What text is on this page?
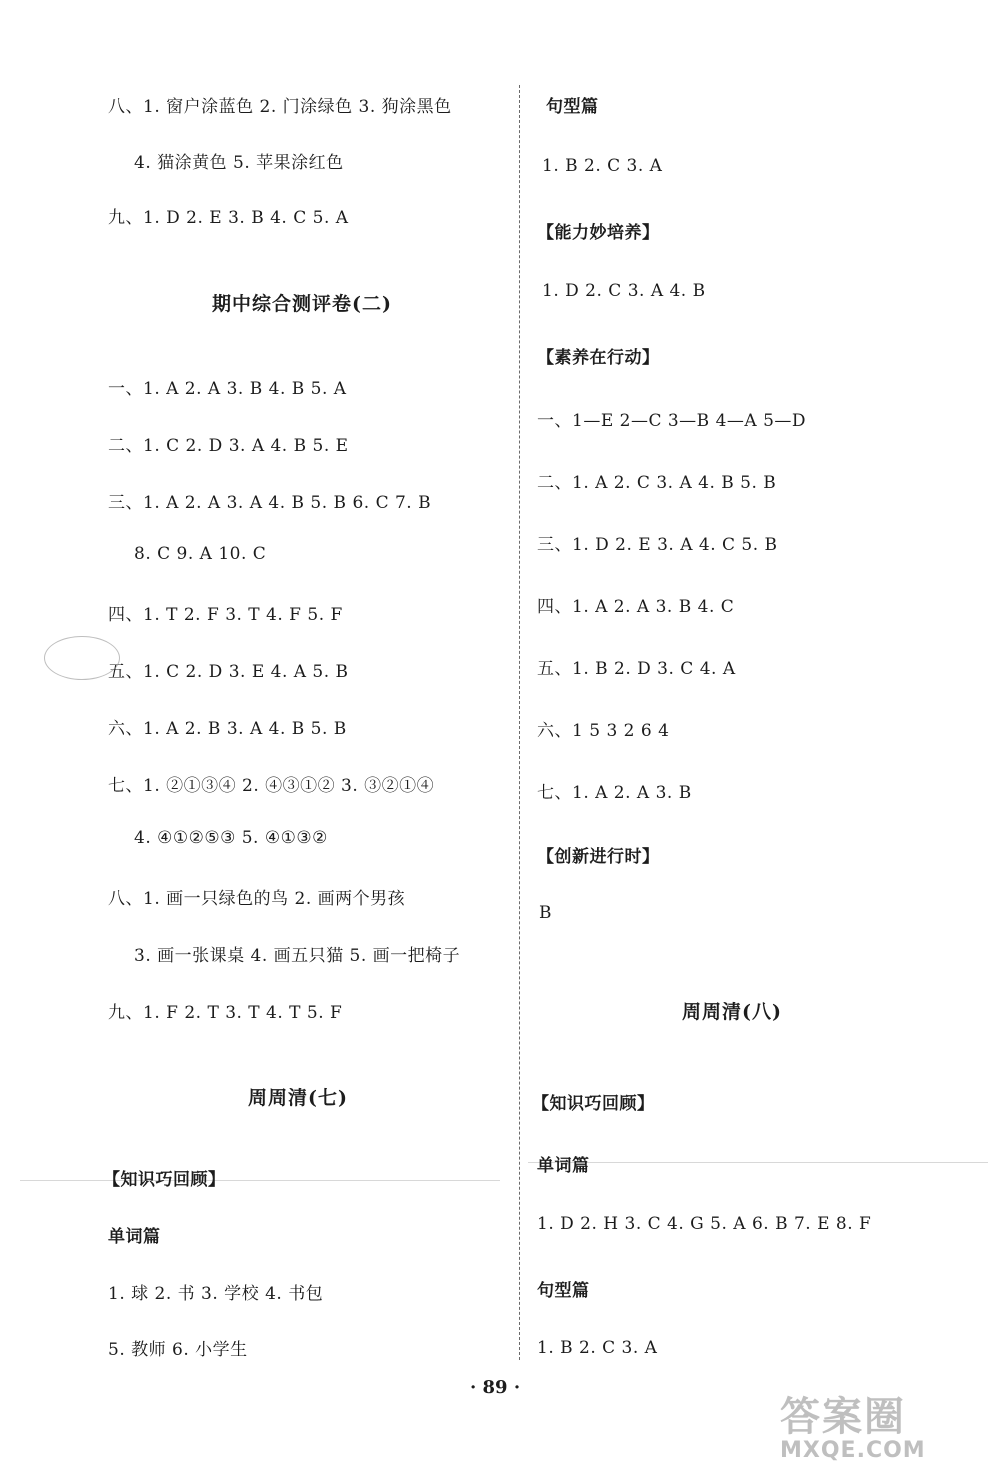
八、1. 窗户涂蓝色 2. 门涂绿色 3. 狗涂黑色
4. 猫涂黄色 5. 苹果涂红色
九、1. D 2. E 3. B 4. C 5. A
期中综合测评卷(二)
一、1. A 2. A 3. B 4. B 5. A
二、1. C 2. D 3. A 4. B 5. E
三、1. A 2. A 3. A 4. B 5. B 6. C 7. B
8. C 9. A 10. C
四、1. T 2. F 3. T 4. F 5. F
五、1. C 2. D 3. E 4. A 5. B
六、1. A 2. B 3. A 4. B 5. B
七、1. ②①③④ 2. ④③①② 3. ③②①④
4. ④①②⑤③ 5. ④①③②
八、1. 画一只绿色的鸟 2. 画两个男孩
3. 画一张课桌 4. 画五只猫 5. 画一把椅子
九、1. F 2. T 3. T 4. T 5. F
周周清(七)
【知识巧回顾】
单词篇
1. 球 2. 书 3. 学校 4. 书包
5. 教师 6. 小学生
句型篇
1. B 2. C 3. A
【能力妙培养】
1. D 2. C 3. A 4. B
【素养在行动】
一、1—E 2—C 3—B 4—A 5—D
二、1. A 2. C 3. A 4. B 5. B
三、1. D 2. E 3. A 4. C 5. B
四、1. A 2. A 3. B 4. C
五、1. B 2. D 3. C 4. A
六、1 5 3 2 6 4
七、1. A 2. A 3. B
【创新进行时】
B
周周清(八)
【知识巧回顾】
单词篇
1. D 2. H 3. C 4. G 5. A 6. B 7. E 8. F
句型篇
1. B 2. C 3. A
· 89 ·
答案圈
MXQE.COM
